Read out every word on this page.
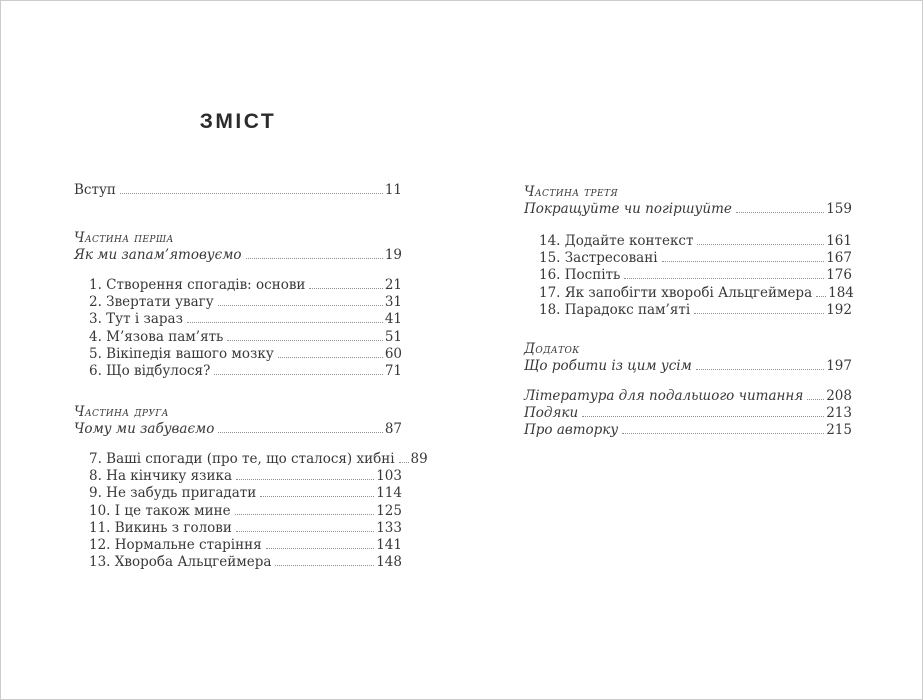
ЗМІСТ
Вступ	11
Частина перша
Як ми запам’ятовуємо	19
1. Створення спогадів: основи	21
2. Звертати увагу	31
3. Тут і зараз	41
4. М’язова пам’ять	51
5. Вікіпедія вашого мозку	60
6. Що відбулося?	71
Частина друга
Чому ми забуваємо	87
7. Ваші спогади (про те, що сталося) хибні 89
8. На кінчику язика	103
9. Не забудь пригадати	114
10. І це також мине	125
11. Викинь з голови	133
12. Нормальне старіння	141
13. Хвороба Альцгеймера	148
Частина третя
Покращуйте чи погіршуйте	159
14. Додайте контекст	161
15. Застресовані	167
16. Поспіть	176
17. Як запобігти хворобі Альцгеймера 184
18. Парадокс пам’яті	192
Додаток
Що робити із цим усім	197
Література для подальшого читання 208
Подяки	213
Про авторку	215
